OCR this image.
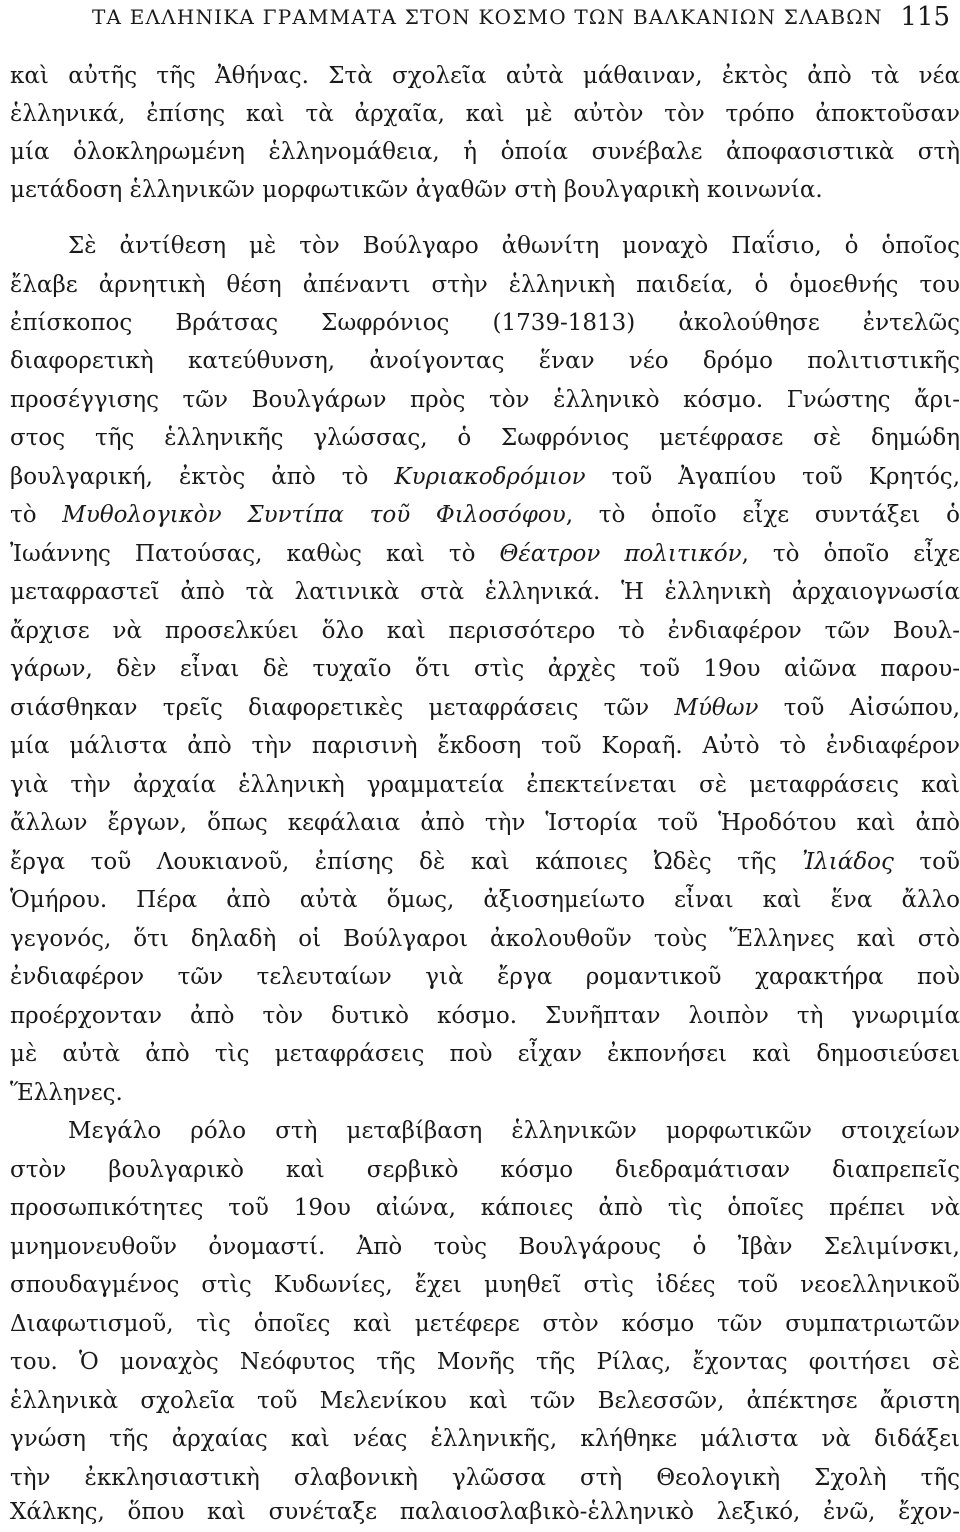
ΤΑ ΕΛΛΗΝΙΚΑ ΓΡΑΜΜΑΤΑ ΣΤΟΝ ΚΟΣΜΟ ΤΩΝ ΒΑΛΚΑΝΙΩΝ ΣΛΑΒΩΝ 115
καὶ αὐτῆς τῆς Ἀθήνας. Στὰ σχολεῖα αὐτὰ μάθαιναν, ἐκτὸς ἀπὸ τὰ νέα
ἑλληνικά, ἐπίσης καὶ τὰ ἀρχαῖα, καὶ μὲ αὐτὸν τὸν τρόπο ἀποκτοῦσαν
μία ὁλοκληρωμένη ἑλληνομάθεια, ἡ ὁποία συνέβαλε ἀποφασιστικὰ στὴ
μετάδοση ἑλληνικῶν μορφωτικῶν ἀγαθῶν στὴ βουλγαρικὴ κοινωνία.
Σὲ ἀντίθεση μὲ τὸν Βούλγαρο ἀθωνίτη μοναχὸ Παΐσιο, ὁ ὁποῖος
ἔλαβε ἀρνητικὴ θέση ἀπέναντι στὴν ἑλληνικὴ παιδεία, ὁ ὁμοεθνής του
ἐπίσκοπος Βράτσας Σωφρόνιος (1739-1813) ἀκολούθησε ἐντελῶς
διαφορετικὴ κατεύθυνση, ἀνοίγοντας ἕναν νέο δρόμο πολιτιστικῆς
προσέγγισης τῶν Βουλγάρων πρὸς τὸν ἑλληνικὸ κόσμο. Γνώστης ἄρι-
στος τῆς ἑλληνικῆς γλώσσας, ὁ Σωφρόνιος μετέφρασε σὲ δημώδη
βουλγαρική, ἐκτὸς ἀπὸ τὸ Κυριακοδρόμιον τοῦ Ἀγαπίου τοῦ Κρητός,
τὸ Μυθολογικὸν Συντίπα τοῦ Φιλοσόφου, τὸ ὁποῖο εἶχε συντάξει ὁ
Ἰωάννης Πατούσας, καθὼς καὶ τὸ Θέατρον πολιτικόν, τὸ ὁποῖο εἶχε
μεταφραστεῖ ἀπὸ τὰ λατινικὰ στὰ ἑλληνικά. Ἡ ἑλληνικὴ ἀρχαιογνωσία
ἄρχισε νὰ προσελκύει ὅλο καὶ περισσότερο τὸ ἐνδιαφέρον τῶν Βουλ-
γάρων, δὲν εἶναι δὲ τυχαῖο ὅτι στὶς ἀρχὲς τοῦ 19ου αἰῶνα παρου-
σιάσθηκαν τρεῖς διαφορετικὲς μεταφράσεις τῶν Μύθων τοῦ Αἰσώπου,
μία μάλιστα ἀπὸ τὴν παρισινὴ ἔκδοση τοῦ Κοραῆ. Αὐτὸ τὸ ἐνδιαφέρον
γιὰ τὴν ἀρχαία ἑλληνικὴ γραμματεία ἐπεκτείνεται σὲ μεταφράσεις καὶ
ἄλλων ἔργων, ὅπως κεφάλαια ἀπὸ τὴν Ἱστορία τοῦ Ἡροδότου καὶ ἀπὸ
ἔργα τοῦ Λουκιανοῦ, ἐπίσης δὲ καὶ κάποιες Ὠδὲς τῆς Ἰλιάδος τοῦ
Ὁμήρου. Πέρα ἀπὸ αὐτὰ ὅμως, ἀξιοσημείωτο εἶναι καὶ ἕνα ἄλλο
γεγονός, ὅτι δηλαδὴ οἱ Βούλγαροι ἀκολουθοῦν τοὺς Ἕλληνες καὶ στὸ
ἐνδιαφέρον τῶν τελευταίων γιὰ ἔργα ρομαντικοῦ χαρακτήρα ποὺ
προέρχονταν ἀπὸ τὸν δυτικὸ κόσμο. Συνῆπταν λοιπὸν τὴ γνωριμία
μὲ αὐτὰ ἀπὸ τὶς μεταφράσεις ποὺ εἶχαν ἐκπονήσει καὶ δημοσιεύσει
Ἕλληνες.
Μεγάλο ρόλο στὴ μεταβίβαση ἑλληνικῶν μορφωτικῶν στοιχείων
στὸν βουλγαρικὸ καὶ σερβικὸ κόσμο διεδραμάτισαν διαπρεπεῖς
προσωπικότητες τοῦ 19ου αἰώνα, κάποιες ἀπὸ τὶς ὁποῖες πρέπει νὰ
μνημονευθοῦν ὀνομαστί. Ἀπὸ τοὺς Βουλγάρους ὁ Ἰβὰν Σελιμίνσκι,
σπουδαγμένος στὶς Κυδωνίες, ἔχει μυηθεῖ στὶς ἰδέες τοῦ νεοελληνικοῦ
Διαφωτισμοῦ, τὶς ὁποῖες καὶ μετέφερε στὸν κόσμο τῶν συμπατριωτῶν
του. Ὁ μοναχὸς Νεόφυτος τῆς Μονῆς τῆς Ρίλας, ἔχοντας φοιτήσει σὲ
ἑλληνικὰ σχολεῖα τοῦ Μελενίκου καὶ τῶν Βελεσσῶν, ἀπέκτησε ἄριστη
γνώση τῆς ἀρχαίας καὶ νέας ἑλληνικῆς, κλήθηκε μάλιστα νὰ διδάξει
τὴν ἐκκλησιαστικὴ σλαβονικὴ γλῶσσα στὴ Θεολογικὴ Σχολὴ τῆς
Χάλκης, ὅπου καὶ συνέταξε παλαιοσλαβικὸ-ἑλληνικὸ λεξικό, ἐνῶ, ἔχον-
